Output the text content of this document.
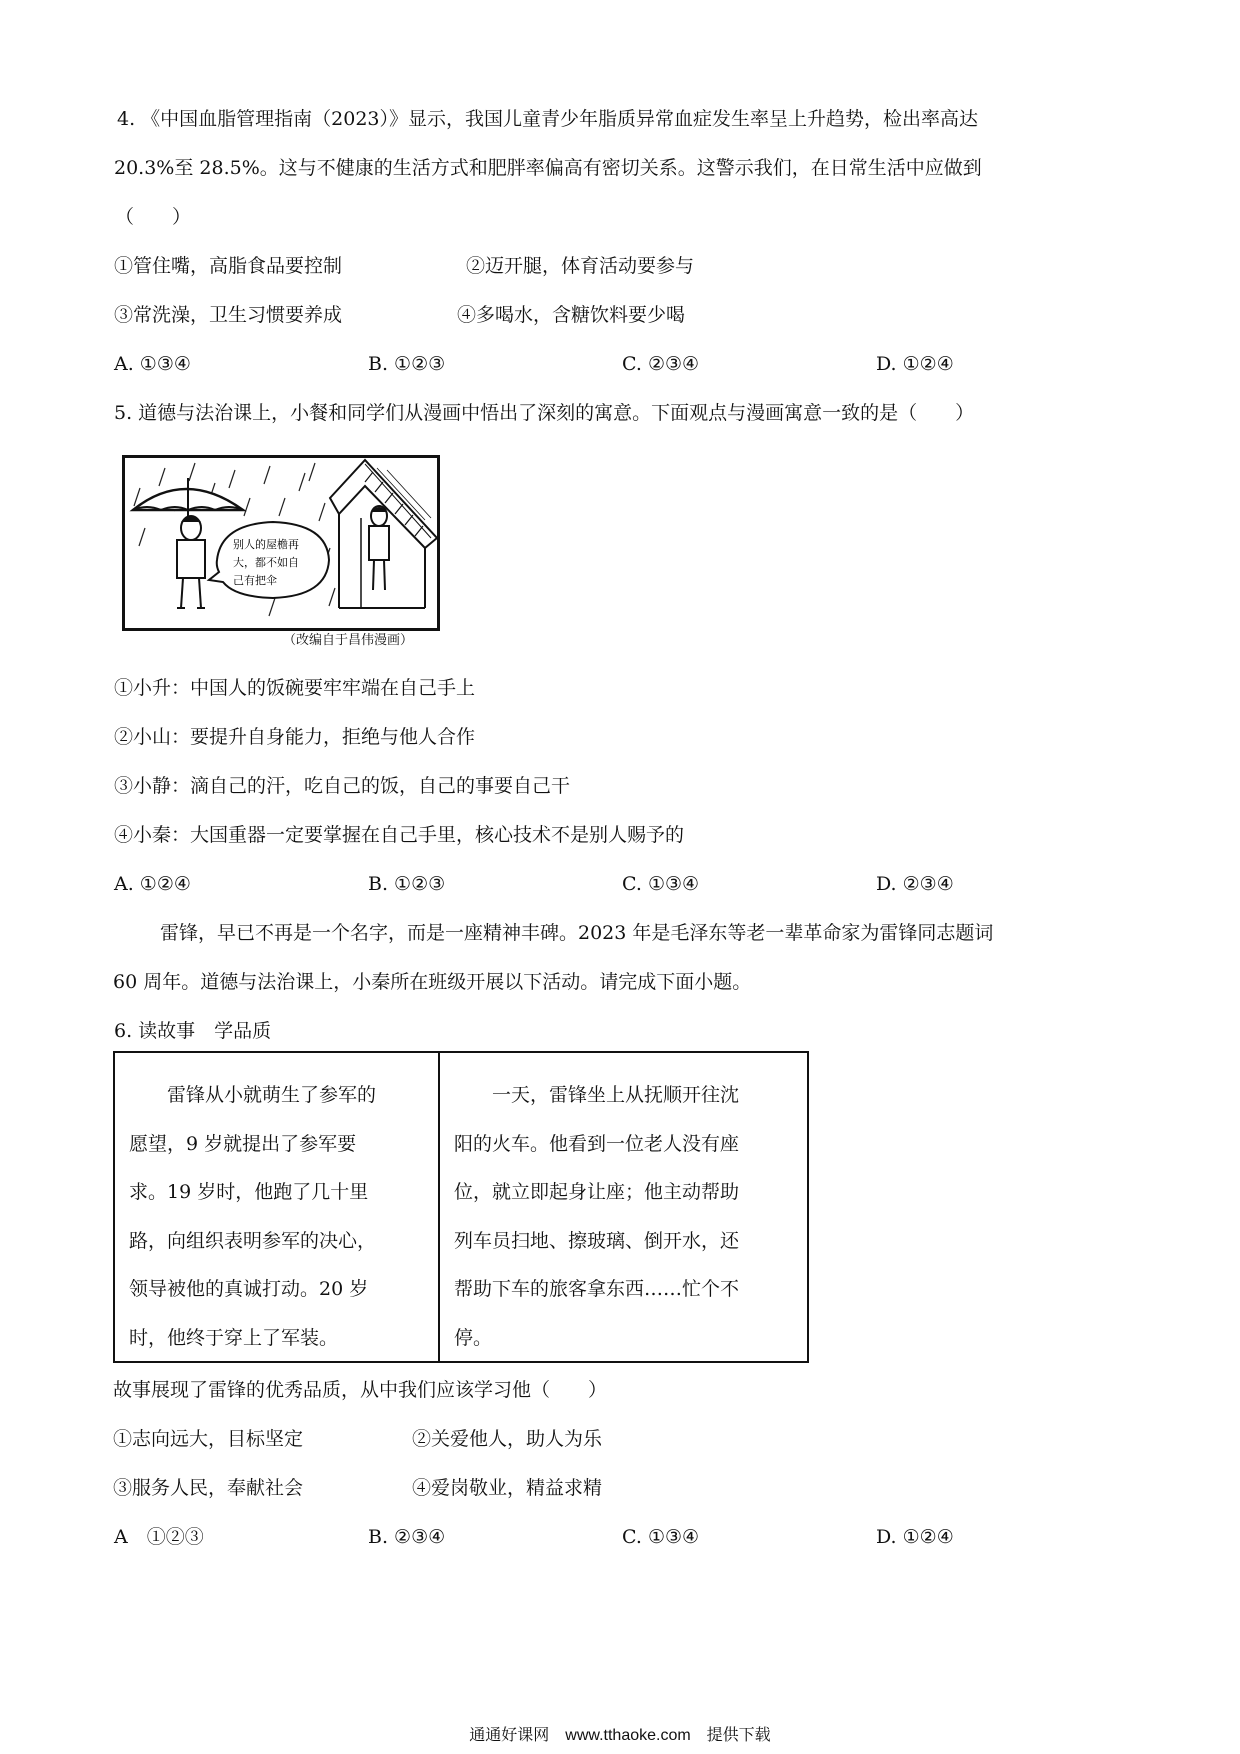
4. 《中国血脂管理指南（2023）》显示，我国儿童青少年脂质异常血症发生率呈上升趋势，检出率高达
20.3%至 28.5%。这与不健康的生活方式和肥胖率偏高有密切关系。这警示我们，在日常生活中应做到
（　　）
①管住嘴，高脂食品要控制	②迈开腿，体育活动要参与
③常洗澡，卫生习惯要养成	④多喝水，含糖饮料要少喝
A. ①③④	B. ①②③	C. ②③④	D. ①②④
5. 道德与法治课上，小餐和同学们从漫画中悟出了深刻的寓意。下面观点与漫画寓意一致的是（　　）
别人的屋檐再
大，都不如自
己有把伞
（改编自于昌伟漫画）
①小升：中国人的饭碗要牢牢端在自己手上
②小山：要提升自身能力，拒绝与他人合作
③小静：滴自己的汗，吃自己的饭，自己的事要自己干
④小秦：大国重器一定要掌握在自己手里，核心技术不是别人赐予的
A. ①②④	B. ①②③	C. ①③④	D. ②③④
雷锋，早已不再是一个名字，而是一座精神丰碑。2023 年是毛泽东等老一辈革命家为雷锋同志题词
60 周年。道德与法治课上，小秦所在班级开展以下活动。请完成下面小题。
6. 读故事　学品质
　　雷锋从小就萌生了参军的
愿望，9 岁就提出了参军要
求。19 岁时，他跑了几十里
路，向组织表明参军的决心，
领导被他的真诚打动。20 岁
时，他终于穿上了军装。
　　一天，雷锋坐上从抚顺开往沈
阳的火车。他看到一位老人没有座
位，就立即起身让座；他主动帮助
列车员扫地、擦玻璃、倒开水，还
帮助下车的旅客拿东西……忙个不
停。
故事展现了雷锋的优秀品质，从中我们应该学习他（　　）
①志向远大，目标坚定	②关爱他人，助人为乐
③服务人民，奉献社会	④爱岗敬业，精益求精
A　①②③	B. ②③④	C. ①③④	D. ①②④
通通好课网　www.tthaoke.com　提供下载
